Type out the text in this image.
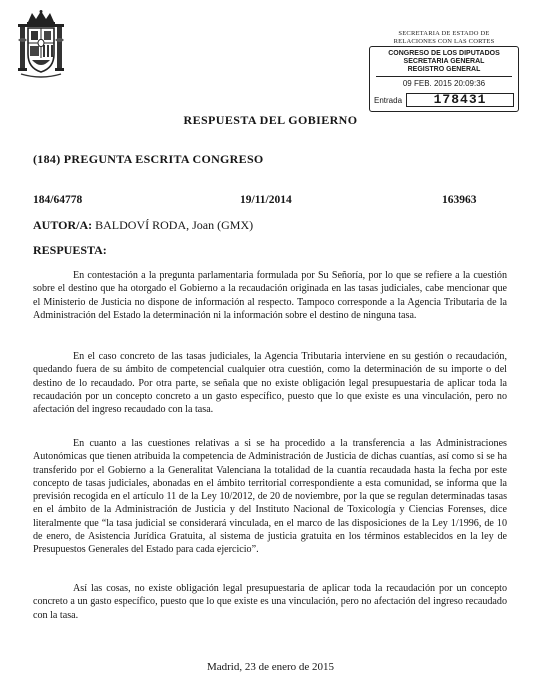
SECRETARIA DE ESTADO DE RELACIONES CON LAS CORTES
CONGRESO DE LOS DIPUTADOS
SECRETARIA GENERAL
REGISTRO GENERAL
09 FEB. 2015 20:09:36
Entrada	178431
RESPUESTA DEL GOBIERNO
(184) PREGUNTA ESCRITA CONGRESO
184/64778	19/11/2014	163963
AUTOR/A: BALDOVÍ RODA, Joan (GMX)
RESPUESTA:

En contestación a la pregunta parlamentaria formulada por Su Señoría, por lo que se refiere a la cuestión sobre el destino que ha otorgado el Gobierno a la recaudación originada en las tasas judiciales, cabe mencionar que el Ministerio de Justicia no dispone de información al respecto. Tampoco corresponde a la Agencia Tributaria de la Administración del Estado la determinación ni la información sobre el destino de ninguna tasa.

En el caso concreto de las tasas judiciales, la Agencia Tributaria interviene en su gestión o recaudación, quedando fuera de su ámbito de competencial cualquier otra cuestión, como la determinación de su importe o del destino de lo recaudado. Por otra parte, se señala que no existe obligación legal presupuestaria de aplicar toda la recaudación por un concepto concreto a un gasto específico, puesto que lo que existe es una vinculación, pero no afectación del ingreso recaudado con la tasa.

En cuanto a las cuestiones relativas a si se ha procedido a la transferencia a las Administraciones Autonómicas que tienen atribuida la competencia de Administración de Justicia de dichas cuantías, así como si se ha transferido por el Gobierno a la Generalitat Valenciana la totalidad de la cuantía recaudada hasta la fecha por este concepto de tasas judiciales, abonadas en el ámbito territorial correspondiente a esta comunidad, se informa que la previsión recogida en el artículo 11 de la Ley 10/2012, de 20 de noviembre, por la que se regulan determinadas tasas en el ámbito de la Administración de Justicia y del Instituto Nacional de Toxicología y Ciencias Forenses, dice literalmente que “la tasa judicial se considerará vinculada, en el marco de las disposiciones de la Ley 1/1996, de 10 de enero, de Asistencia Jurídica Gratuita, al sistema de justicia gratuita en los términos establecidos en la ley de Presupuestos Generales del Estado para cada ejercicio”.

Así las cosas, no existe obligación legal presupuestaria de aplicar toda la recaudación por un concepto concreto a un gasto específico, puesto que lo que existe es una vinculación, pero no afectación del ingreso recaudado con la tasa.

Madrid, 23 de enero de 2015
